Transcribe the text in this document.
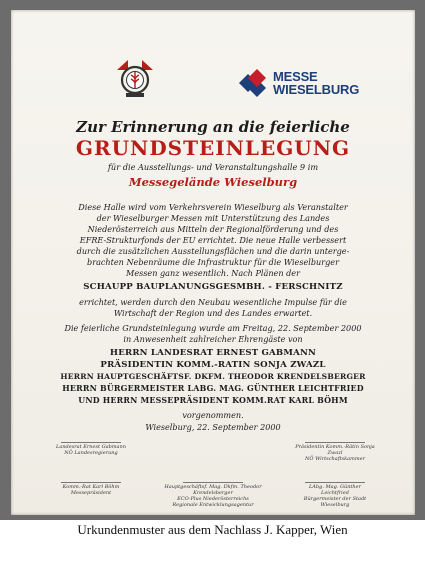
MESSE
WIESELBURG
Zur Erinnerung an die feierliche
GRUNDSTEINLEGUNG
für die Ausstellungs- und Veranstaltungshalle 9 im
Messegelände Wieselburg
Diese Halle wird vom Verkehrsverein Wieselburg als Veranstalter
der Wieselburger Messen mit Unterstützung des Landes
Niederösterreich aus Mitteln der Regionalförderung und des
EFRE-Strukturfonds der EU errichtet. Die neue Halle verbessert
durch die zusätzlichen Ausstellungsflächen und die darin unterge-
brachten Nebenräume die Infrastruktur für die Wieselburger
Messen ganz wesentlich. Nach Plänen der
SCHAUPP BAUPLANUNGSGESMBH. - FERSCHNITZ
errichtet, werden durch den Neubau wesentliche Impulse für die
Wirtschaft der Region und des Landes erwartet.
Die feierliche Grundsteinlegung wurde am Freitag, 22. September 2000
in Anwesenheit zahlreicher Ehrengäste von
HERRN LANDESRAT ERNEST GABMANN
PRÄSIDENTIN KOMM.-RATIN SONJA ZWAZL
HERRN HAUPTGESCHÄFTSF. DKFM. THEODOR KRENDELSBERGER
HERRN BÜRGERMEISTER LABG. MAG. GÜNTHER LEICHTFRIED
UND HERRN MESSEPRÄSIDENT KOMM.RAT KARL BÖHM
vorgenommen.
Wieselburg, 22. September 2000
Landesrat Ernest Gabmann
NÖ Landesregierung
Präsidentin Komm.-Rätin Sonja Zwazl
NÖ Wirtschaftskammer
Komm.-Rat Karl Böhm
Messepräsident
Hauptgeschäftsf. Mag. Dkfm. Theodor Krendelsberger
ECO-Plus Niederösterreichs
Regionale Entwicklungsagentur
LAbg. Mag. Günther Leichtfried
Bürgermeister der Stadt
Wieselburg
Urkundenmuster aus dem Nachlass J. Kapper, Wien
